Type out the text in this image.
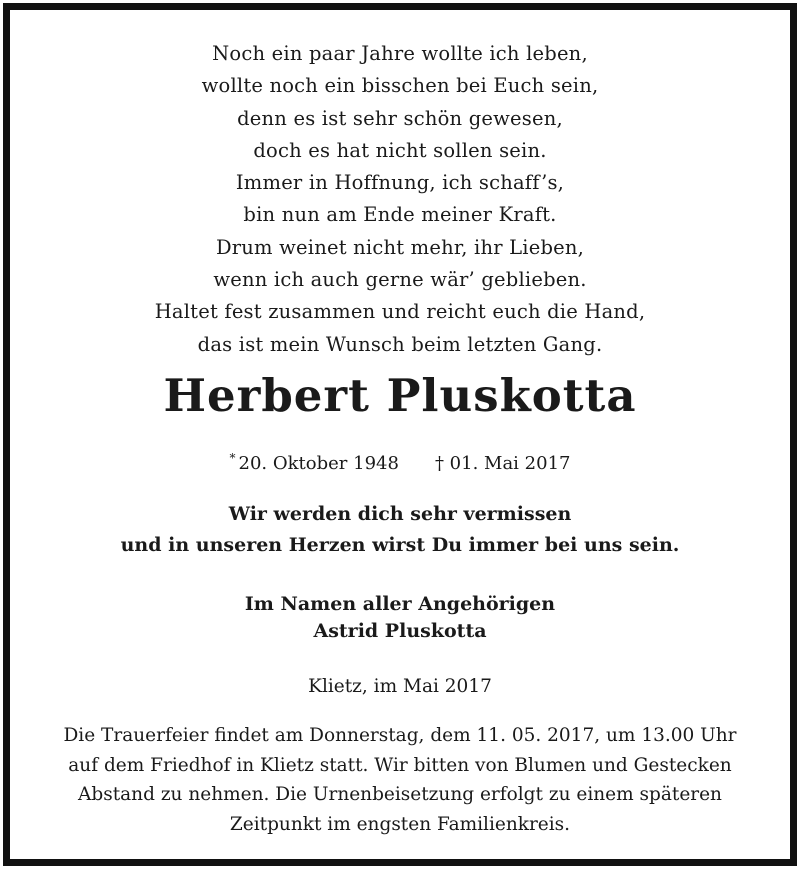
Noch ein paar Jahre wollte ich leben,
wollte noch ein bisschen bei Euch sein,
denn es ist sehr schön gewesen,
doch es hat nicht sollen sein.
Immer in Hoffnung, ich schaff’s,
bin nun am Ende meiner Kraft.
Drum weinet nicht mehr, ihr Lieben,
wenn ich auch gerne wär’ geblieben.
Haltet fest zusammen und reicht euch die Hand,
das ist mein Wunsch beim letzten Gang.
Herbert Pluskotta
* 20. Oktober 1948 † 01. Mai 2017
Wir werden dich sehr vermissen
und in unseren Herzen wirst Du immer bei uns sein.
Im Namen aller Angehörigen
Astrid Pluskotta
Klietz, im Mai 2017
Die Trauerfeier findet am Donnerstag, dem 11. 05. 2017, um 13.00 Uhr
auf dem Friedhof in Klietz statt. Wir bitten von Blumen und Gestecken
Abstand zu nehmen. Die Urnenbeisetzung erfolgt zu einem späteren
Zeitpunkt im engsten Familienkreis.
